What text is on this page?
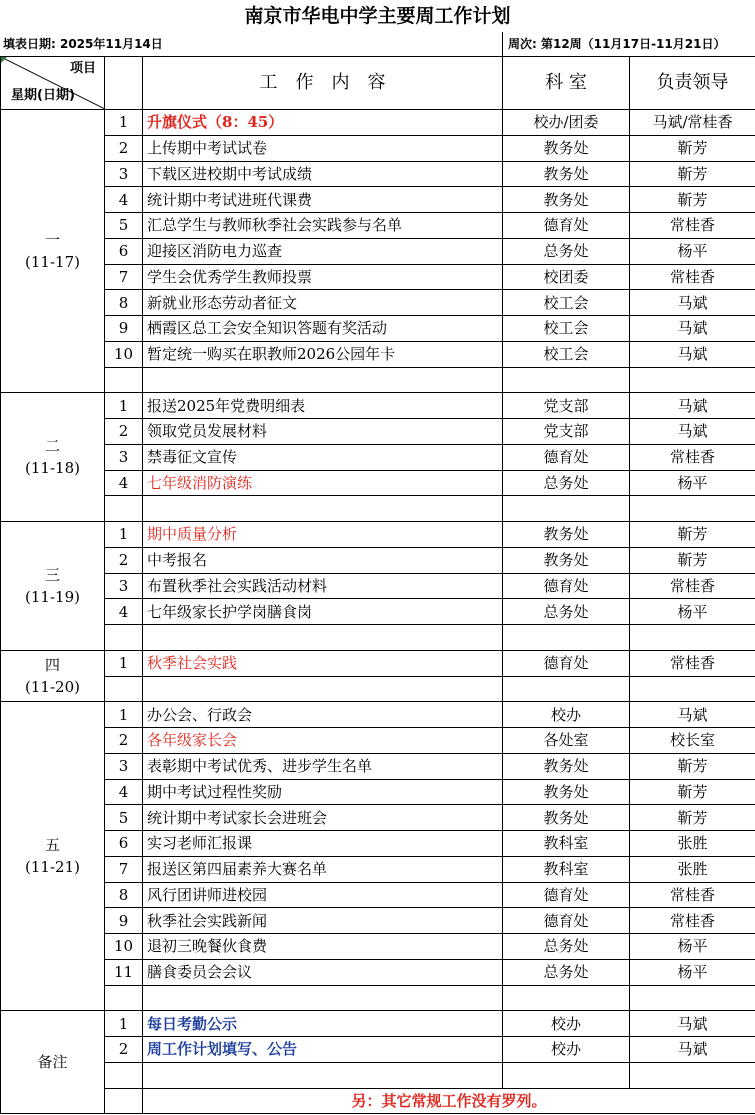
南京市华电中学主要周工作计划
填表日期: 2025年11月14日	周次: 第12周（11月17日-11月21日）
项目
星期(日期)		工　作　内　容	科 室	负责领导

一
(11-17)	1	升旗仪式（8：45）	校办/团委	马斌/常桂香
	2	上传期中考试试卷	教务处	靳芳
	3	下载区进校期中考试成绩	教务处	靳芳
	4	统计期中考试进班代课费	教务处	靳芳
	5	汇总学生与教师秋季社会实践参与名单	德育处	常桂香
	6	迎接区消防电力巡查	总务处	杨平
	7	学生会优秀学生教师投票	校团委	常桂香
	8	新就业形态劳动者征文	校工会	马斌
	9	栖霞区总工会安全知识答题有奖活动	校工会	马斌
	10	暂定统一购买在职教师2026公园年卡	校工会	马斌

二
(11-18)	1	报送2025年党费明细表	党支部	马斌
	2	领取党员发展材料	党支部	马斌
	3	禁毒征文宣传	德育处	常桂香
	4	七年级消防演练	总务处	杨平

三
(11-19)	1	期中质量分析	教务处	靳芳
	2	中考报名	教务处	靳芳
	3	布置秋季社会实践活动材料	德育处	常桂香
	4	七年级家长护学岗膳食岗	总务处	杨平

四
(11-20)	1	秋季社会实践	德育处	常桂香

五
(11-21)	1	办公会、行政会	校办	马斌
	2	各年级家长会	各处室	校长室
	3	表彰期中考试优秀、进步学生名单	教务处	靳芳
	4	期中考试过程性奖励	教务处	靳芳
	5	统计期中考试家长会进班会	教务处	靳芳
	6	实习老师汇报课	教科室	张胜
	7	报送区第四届素养大赛名单	教科室	张胜
	8	风行团讲师进校园	德育处	常桂香
	9	秋季社会实践新闻	德育处	常桂香
	10	退初三晚餐伙食费	总务处	杨平
	11	膳食委员会会议	总务处	杨平

备注	1	每日考勤公示	校办	马斌
	2	周工作计划填写、公告	校办	马斌

		另：其它常规工作没有罗列。		
